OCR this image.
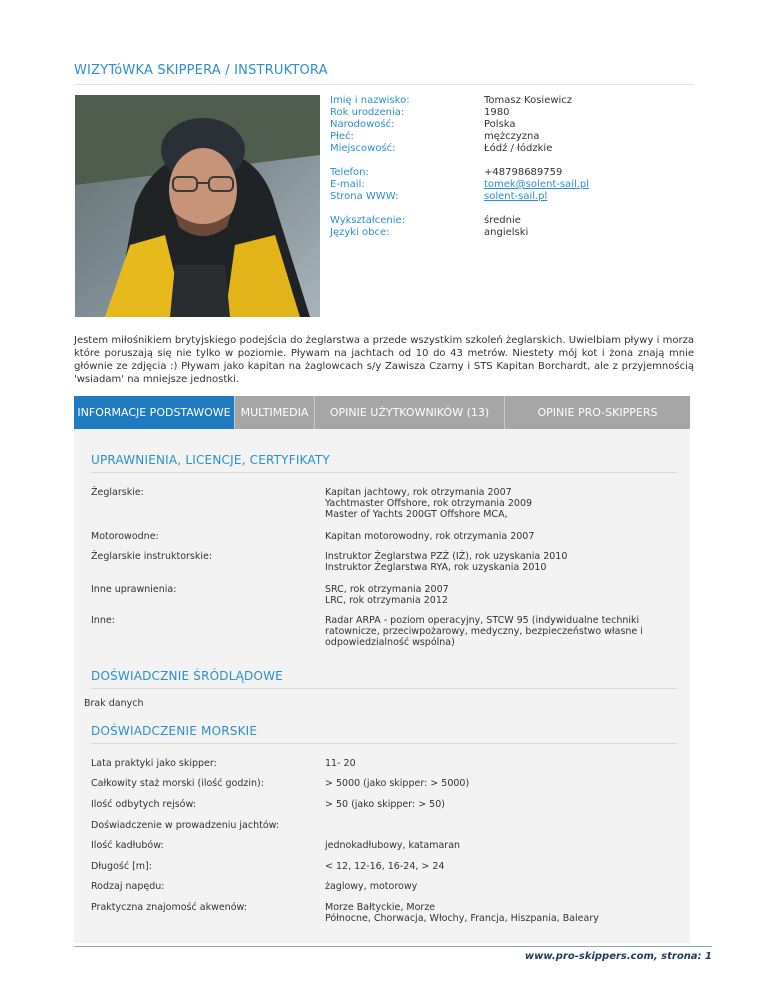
WIZYTóWKA SKIPPERA / INSTRUKTORA
Imię i nazwisko:	Tomasz Kosiewicz
Rok urodzenia:	1980
Narodowość:	Polska
Płeć:	mężczyzna
Miejscowość:	Łódź / łódzkie
Telefon:	+48798689759
E-mail:	tomek@solent-sail.pl
Strona WWW:	solent-sail.pl
Wykształcenie:	średnie
Języki obce:	angielski
Jestem miłośnikiem brytyjskiego podejścia do żeglarstwa a przede wszystkim szkoleń żeglarskich. Uwielbiam pływy i morza które poruszają się nie tylko w poziomie. Pływam na jachtach od 10 do 43 metrów. Niestety mój kot i żona znają mnie głównie ze zdjęcia :) Pływam jako kapitan na żaglowcach s/y Zawisza Czarny i STS Kapitan Borchardt, ale z przyjemnością 'wsiadam' na mniejsze jednostki.
INFORMACJE PODSTAWOWE MULTIMEDIA	OPINIE UŻYTKOWNIKÓW (13)	OPINIE PRO-SKIPPERS
UPRAWNIENIA, LICENCJE, CERTYFIKATY
Żeglarskie:	Kapitan jachtowy, rok otrzymania 2007
Yachtmaster Offshore, rok otrzymania 2009
Master of Yachts 200GT Offshore MCA,
Motorowodne:	Kapitan motorowodny, rok otrzymania 2007
Żeglarskie instruktorskie:	Instruktor Żeglarstwa PZŻ (IŻ), rok uzyskania 2010
Instruktor Żeglarstwa RYA, rok uzyskania 2010
Inne uprawnienia:	SRC, rok otrzymania 2007
LRC, rok otrzymania 2012
Inne:	Radar ARPA - poziom operacyjny, STCW 95 (indywidualne techniki
ratownicze, przeciwpożarowy, medyczny, bezpieczeństwo własne i
odpowiedzialność wspólna)
DOŚWIADCZNIE ŚRÓDLĄDOWE
Brak danych
DOŚWIADCZENIE MORSKIE
Lata praktyki jako skipper:	11- 20
Całkowity staż morski (ilość godzin):	> 5000 (jako skipper: > 5000)
Ilość odbytych rejsów:	> 50 (jako skipper: > 50)
Doświadczenie w prowadzeniu jachtów:
Ilość kadłubów:	jednokadłubowy, katamaran
Długość [m]:	< 12, 12-16, 16-24, > 24
Rodzaj napędu:	żaglowy, motorowy
Praktyczna znajomość akwenów:	Morze Bałtyckie, Morze
Północne, Chorwacja, Włochy, Francja, Hiszpania, Baleary
www.pro-skippers.com, strona: 1
